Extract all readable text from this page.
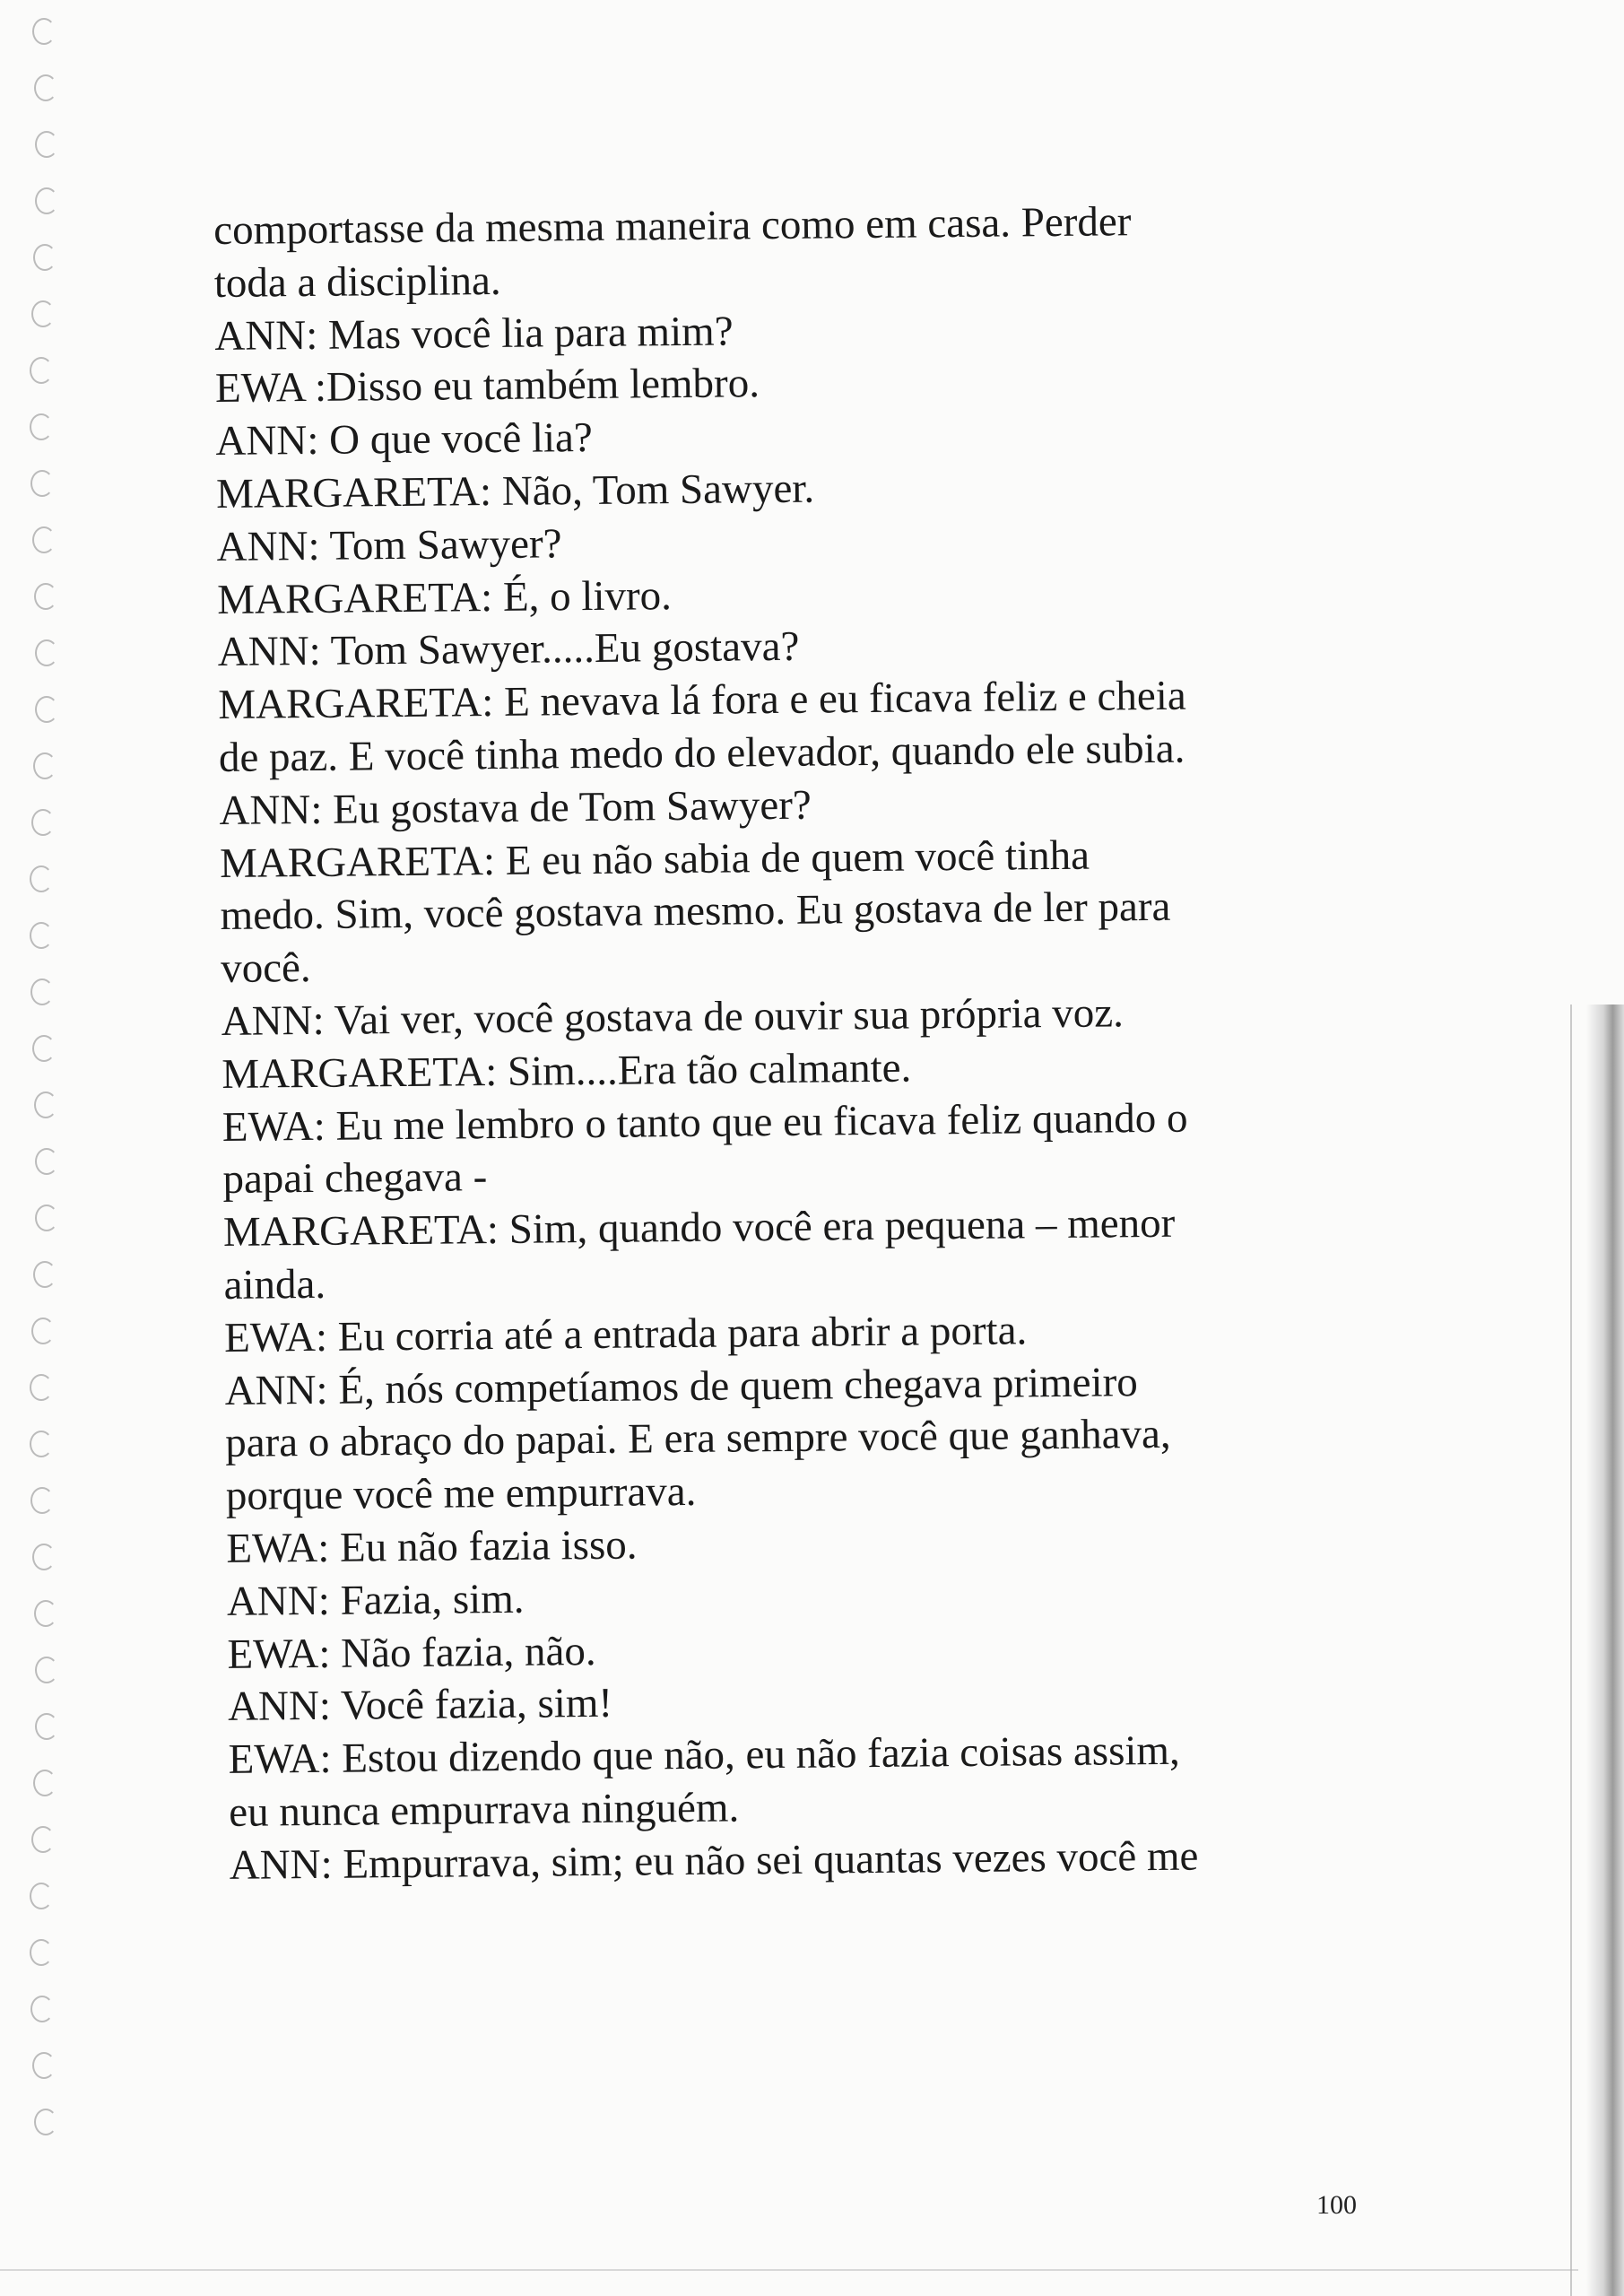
comportasse da mesma maneira como em casa. Perder
toda a disciplina.
ANN: Mas você lia para mim?
EWA :Disso eu também lembro.
ANN: O que você lia?
MARGARETA: Não, Tom Sawyer.
ANN: Tom Sawyer?
MARGARETA: É, o livro.
ANN: Tom Sawyer.....Eu gostava?
MARGARETA: E nevava lá fora e eu ficava feliz e cheia
de paz. E você tinha medo do elevador, quando ele subia.
ANN: Eu gostava de Tom Sawyer?
MARGARETA: E eu não sabia de quem você tinha
medo. Sim, você gostava mesmo. Eu gostava de ler para
você.
ANN: Vai ver, você gostava de ouvir sua própria voz.
MARGARETA: Sim....Era tão calmante.
EWA: Eu me lembro o tanto que eu ficava feliz quando o
papai chegava -
MARGARETA: Sim, quando você era pequena – menor
ainda.
EWA: Eu corria até a entrada para abrir a porta.
ANN: É, nós competíamos de quem chegava primeiro
para o abraço do papai. E era sempre você que ganhava,
porque você me empurrava.
EWA: Eu não fazia isso.
ANN: Fazia, sim.
EWA: Não fazia, não.
ANN: Você fazia, sim!
EWA: Estou dizendo que não, eu não fazia coisas assim,
eu nunca empurrava ninguém.
ANN: Empurrava, sim; eu não sei quantas vezes você me
100
